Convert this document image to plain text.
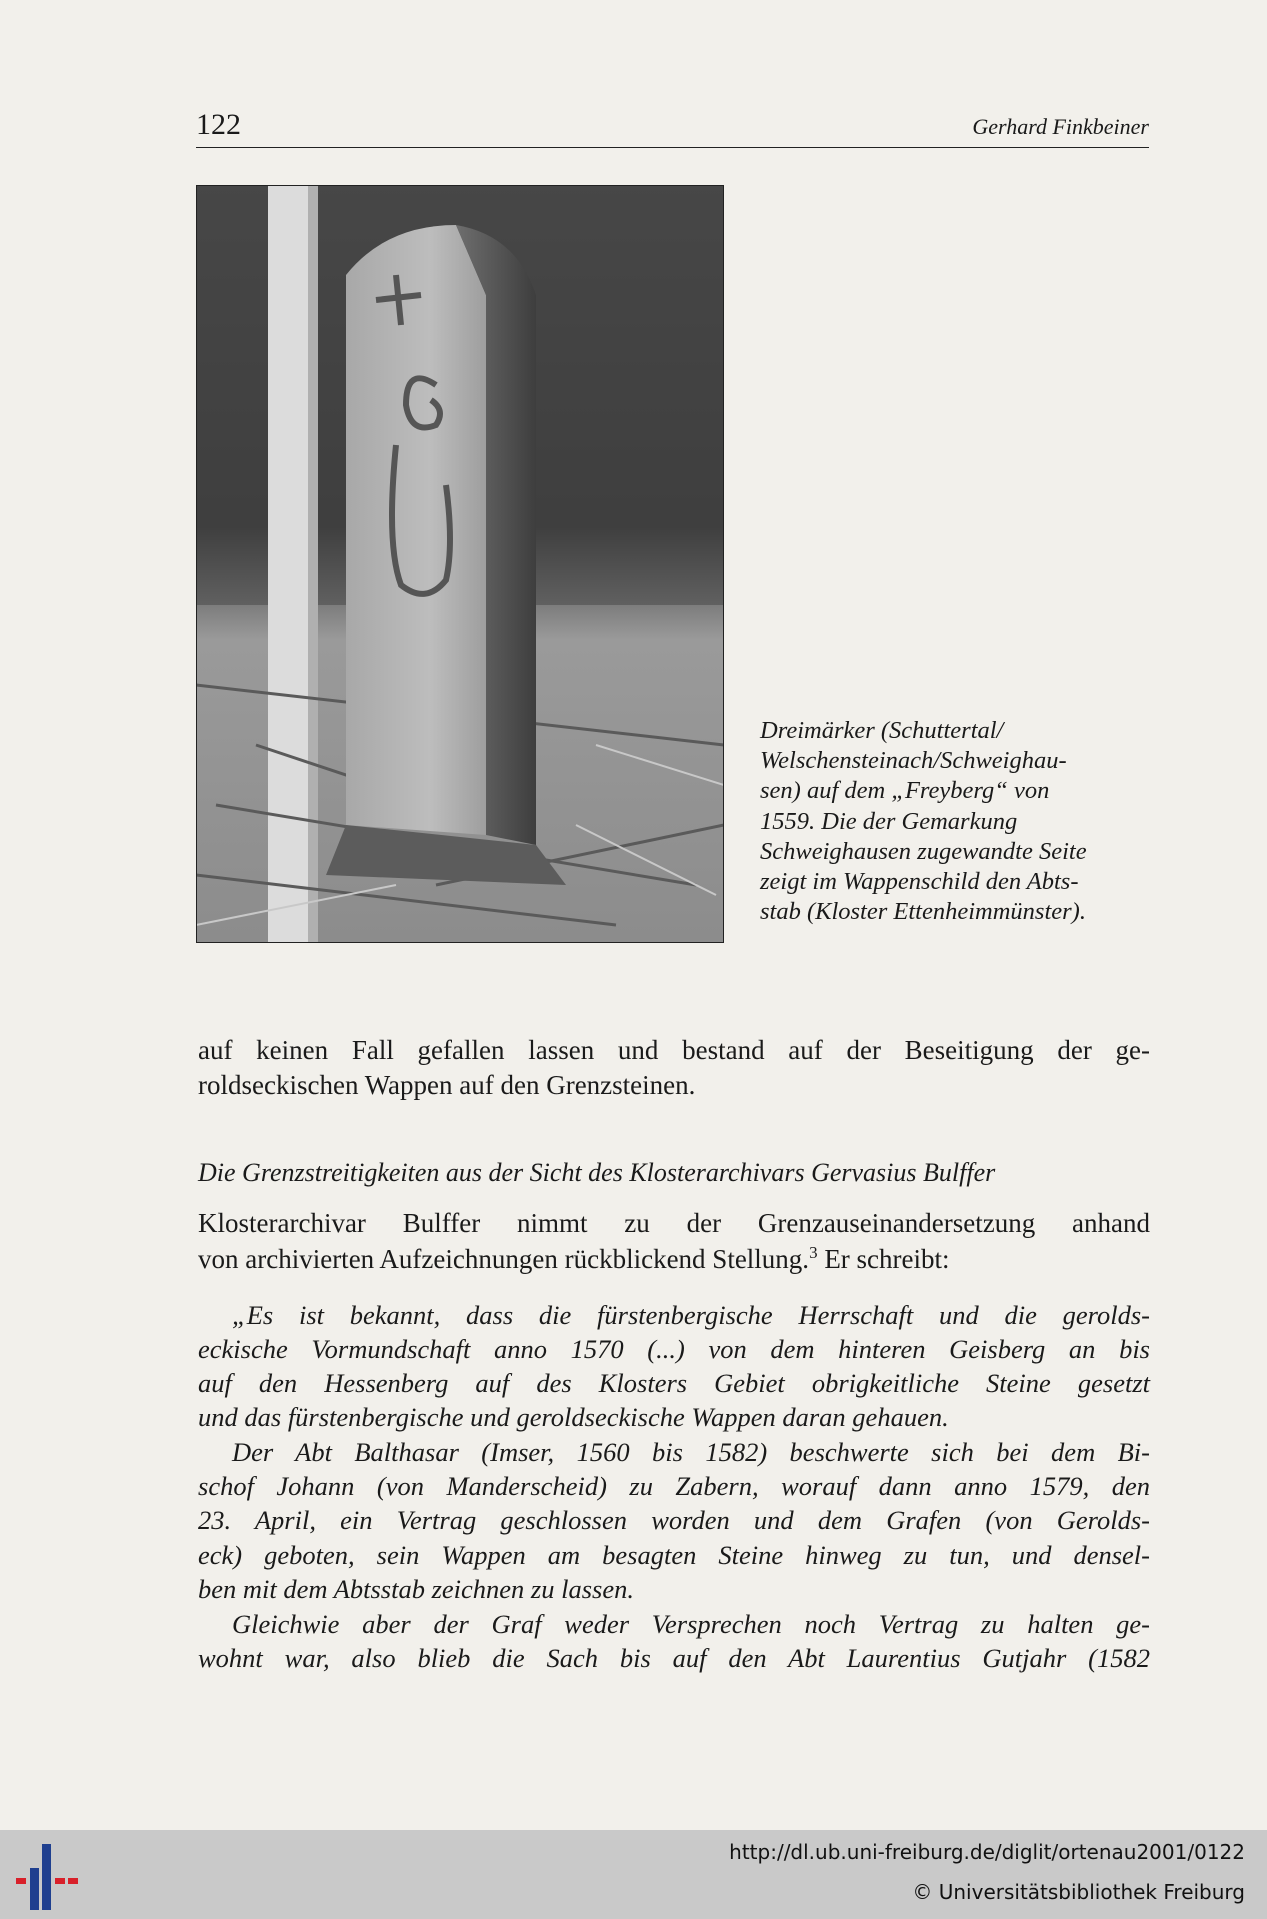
122	Gerhard Finkbeiner
Dreimärker (Schuttertal/
Welschensteinach/Schweighau-
sen) auf dem „Freyberg“ von
1559. Die der Gemarkung
Schweighausen zugewandte Seite
zeigt im Wappenschild den Abts-
stab (Kloster Ettenheimmünster).
auf keinen Fall gefallen lassen und bestand auf der Beseitigung der ge-
roldseckischen Wappen auf den Grenzsteinen.
Die Grenzstreitigkeiten aus der Sicht des Klosterarchivars Gervasius Bulffer
Klosterarchivar Bulffer nimmt zu der Grenzauseinandersetzung anhand
von archivierten Aufzeichnungen rückblickend Stellung.$^3$ Er schreibt:
„Es ist bekannt, dass die fürstenbergische Herrschaft und die gerolds-
eckische Vormundschaft anno 1570 (...) von dem hinteren Geisberg an bis
auf den Hessenberg auf des Klosters Gebiet obrigkeitliche Steine gesetzt
und das fürstenbergische und geroldseckische Wappen daran gehauen.
Der Abt Balthasar (Imser, 1560 bis 1582) beschwerte sich bei dem Bi-
schof Johann (von Manderscheid) zu Zabern, worauf dann anno 1579, den
23. April, ein Vertrag geschlossen worden und dem Grafen (von Gerolds-
eck) geboten, sein Wappen am besagten Steine hinweg zu tun, und densel-
ben mit dem Abtsstab zeichnen zu lassen.
Gleichwie aber der Graf weder Versprechen noch Vertrag zu halten ge-
wohnt war, also blieb die Sach bis auf den Abt Laurentius Gutjahr (1582
http://dl.ub.uni-freiburg.de/diglit/ortenau2001/0122
© Universitätsbibliothek Freiburg
